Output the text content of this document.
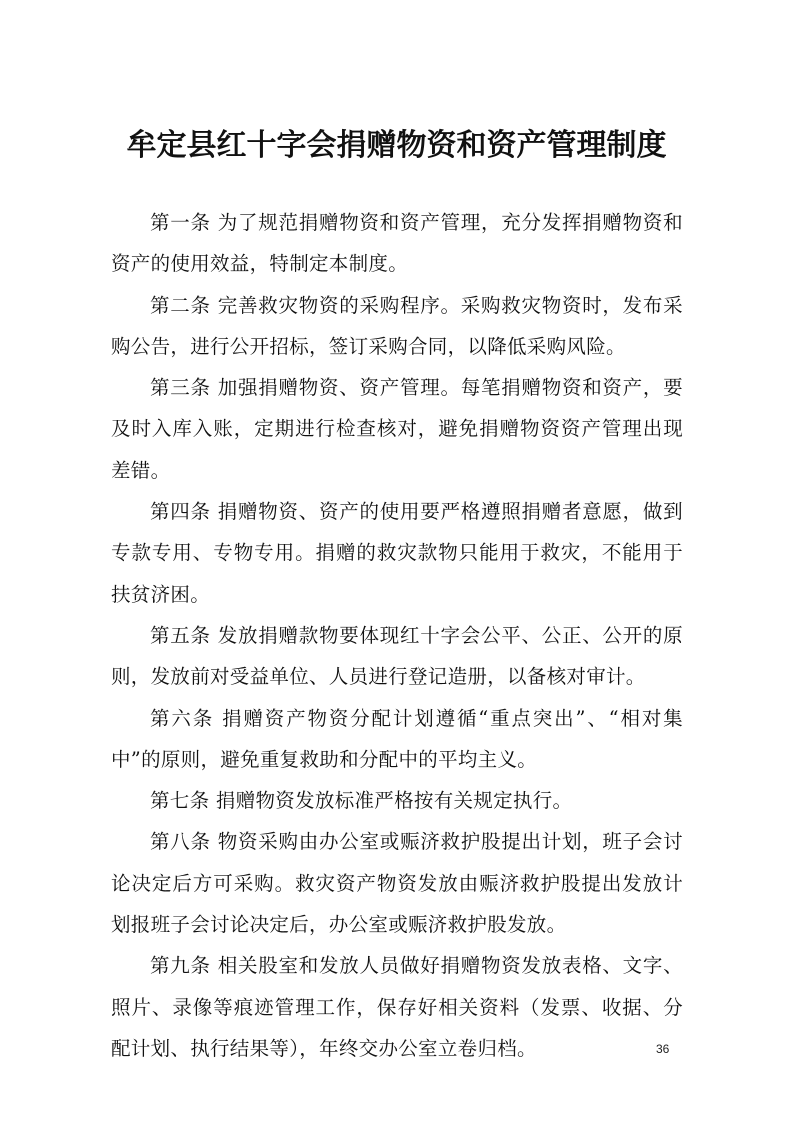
牟定县红十字会捐赠物资和资产管理制度

第一条 为了规范捐赠物资和资产管理，充分发挥捐赠物资和资产的使用效益，特制定本制度。

第二条 完善救灾物资的采购程序。采购救灾物资时，发布采购公告，进行公开招标，签订采购合同，以降低采购风险。

第三条 加强捐赠物资、资产管理。每笔捐赠物资和资产，要及时入库入账，定期进行检查核对，避免捐赠物资资产管理出现差错。

第四条 捐赠物资、资产的使用要严格遵照捐赠者意愿，做到专款专用、专物专用。捐赠的救灾款物只能用于救灾，不能用于扶贫济困。

第五条 发放捐赠款物要体现红十字会公平、公正、公开的原则，发放前对受益单位、人员进行登记造册，以备核对审计。

第六条 捐赠资产物资分配计划遵循“重点突出”、“相对集中”的原则，避免重复救助和分配中的平均主义。

第七条 捐赠物资发放标准严格按有关规定执行。

第八条 物资采购由办公室或赈济救护股提出计划，班子会讨论决定后方可采购。救灾资产物资发放由赈济救护股提出发放计划报班子会讨论决定后，办公室或赈济救护股发放。

第九条 相关股室和发放人员做好捐赠物资发放表格、文字、照片、录像等痕迹管理工作，保存好相关资料（发票、收据、分配计划、执行结果等），年终交办公室立卷归档。	36
